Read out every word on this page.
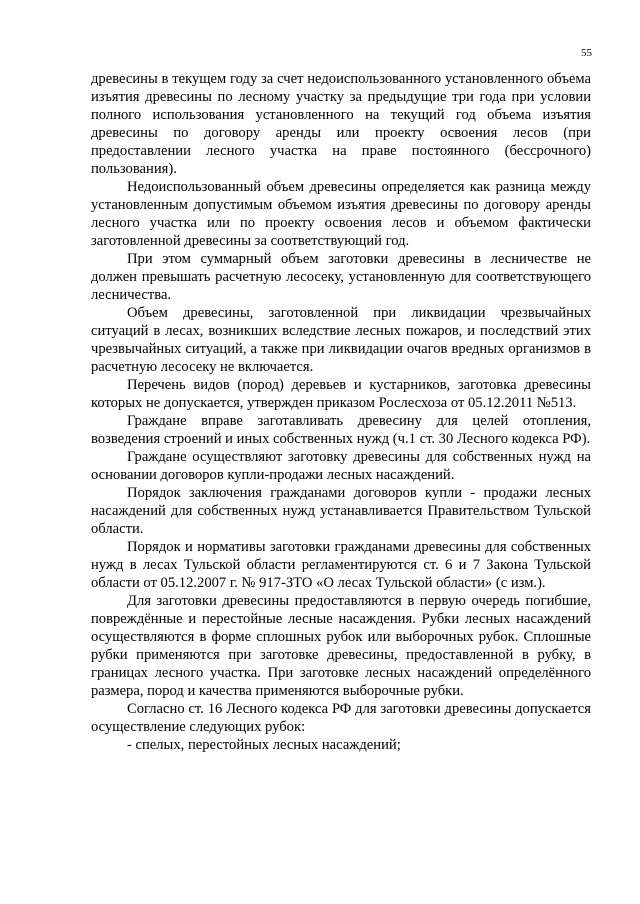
55

древесины в текущем году за счет недоиспользованного установленного объема изъятия древесины по лесному участку за предыдущие три года при условии полного использования установленного на текущий год объема изъятия древесины по договору аренды или проекту освоения лесов (при предоставлении лесного участка на праве постоянного (бессрочного) пользования).

Недоиспользованный объем древесины определяется как разница между установленным допустимым объемом изъятия древесины по договору аренды лесного участка или по проекту освоения лесов и объемом фактически заготовленной древесины за соответствующий год.

При этом суммарный объем заготовки древесины в лесничестве не должен превышать расчетную лесосеку, установленную для соответствующего лесничества.

Объем древесины, заготовленной при ликвидации чрезвычайных ситуаций в лесах, возникших вследствие лесных пожаров, и последствий этих чрезвычайных ситуаций, а также при ликвидации очагов вредных организмов в расчетную лесосеку не включается.

Перечень видов (пород) деревьев и кустарников, заготовка древесины которых не допускается, утвержден приказом Рослесхоза от 05.12.2011 №513.

Граждане вправе заготавливать древесину для целей отопления, возведения строений и иных собственных нужд (ч.1 ст. 30 Лесного кодекса РФ).

Граждане осуществляют заготовку древесины для собственных нужд на основании договоров купли-продажи лесных насаждений.

Порядок заключения гражданами договоров купли - продажи лесных насаждений для собственных нужд устанавливается Правительством Тульской области.

Порядок и нормативы заготовки гражданами древесины для собственных нужд в лесах Тульской области регламентируются ст. 6 и 7 Закона Тульской области от 05.12.2007 г. № 917-ЗТО «О лесах Тульской области» (с изм.).

Для заготовки древесины предоставляются в первую очередь погибшие, повреждённые и перестойные лесные насаждения. Рубки лесных насаждений осуществляются в форме сплошных рубок или выборочных рубок. Сплошные рубки применяются при заготовке древесины, предоставленной в рубку, в границах лесного участка. При заготовке лесных насаждений определённого размера, пород и качества применяются выборочные рубки.

Согласно ст. 16 Лесного кодекса РФ для заготовки древесины допускается осуществление следующих рубок:

- спелых, перестойных лесных насаждений;
